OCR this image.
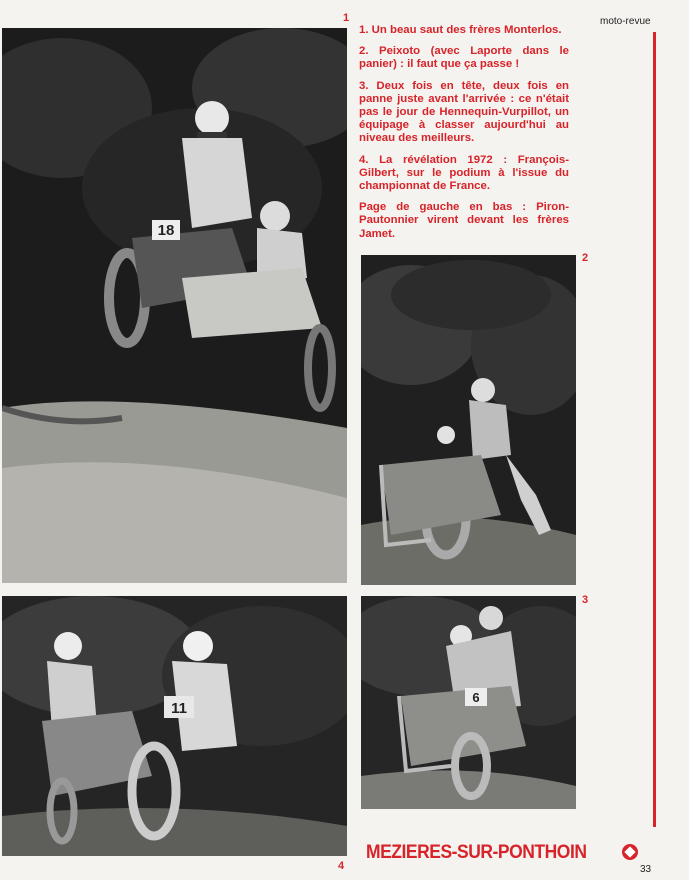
moto-revue
1
18

1. Un beau saut des frères Monterlos.

2. Peixoto (avec Laporte dans le panier) : il faut que ça passe !

3. Deux fois en tête, deux fois en panne juste avant l'arrivée : ce n'était pas le jour de Hennequin-Vurpillot, un équipage à classer aujourd'hui au niveau des meilleurs.

4. La révélation 1972 : François-Gilbert, sur le podium à l'issue du championnat de France.

Page de gauche en bas : Piron-Pautonnier virent devant les frères Jamet.

2
11
4
3
6
MEZIERES-SUR-PONTHOIN
33
